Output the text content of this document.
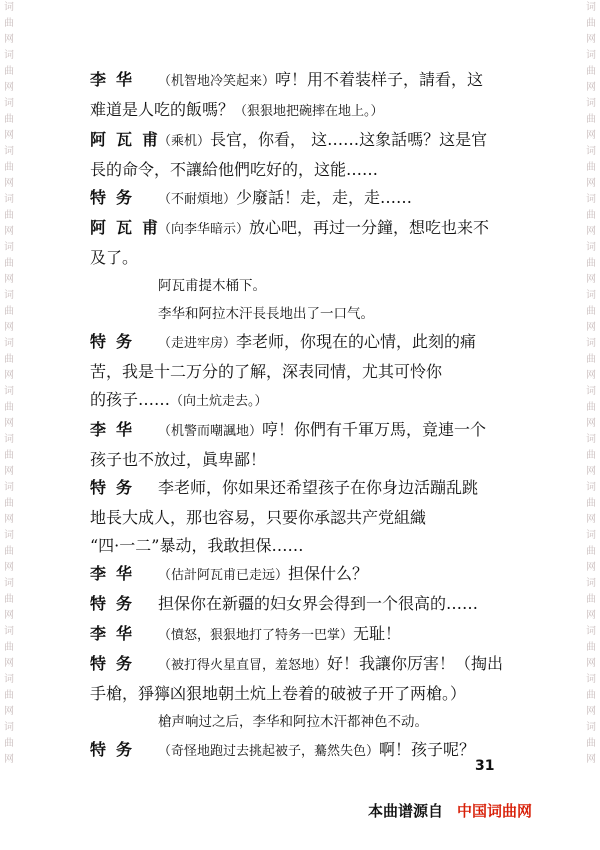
词曲网词曲网词曲网词曲网词曲网词曲网词曲网词曲网词曲网词曲网词曲网词曲网词曲网词曲网词曲网词曲网
词曲网词曲网词曲网词曲网词曲网词曲网词曲网词曲网词曲网词曲网词曲网词曲网词曲网词曲网词曲网词曲网
李华	（机智地冷笑起来）哼！用不着装样子，請看，这
难道是人吃的飯嗎？（狠狠地把碗摔在地上。）
阿瓦甫
（乘机）長官，你看， 这……这象話嗎？这是官
長的命令，不讓給他們吃好的，这能……
特务	（不耐煩地）少廢話！走，走，走……
阿瓦甫
（向李华暗示）放心吧，再过一分鐘，想吃也来不
及了。
阿瓦甫提木桶下。
李华和阿拉木汗長長地出了一口气。
特务	（走进牢房）李老师，你現在的心情，此刻的痛
苦，我是十二万分的了解，深表同情，尤其可怜你
的孩子……（向土炕走去。）
李华	（机警而嘲諷地）哼！你們有千軍万馬，竟連一个
孩子也不放过，眞卑鄙！
特务 李老师，你如果还希望孩子在你身边活蹦乱跳
地長大成人，那也容易，只要你承認共产党組織
“四·一二”暴动，我敢担保……
李华	（估計阿瓦甫已走远）担保什么？
特务 担保你在新疆的妇女界会得到一个很高的……
李华	（憤怒，狠狠地打了特务一巴掌）无耻！
特务	（被打得火星直冒，羞怒地）好！我讓你厉害！（掏出
手槍，猙獰凶狠地朝土炕上卷着的破被子开了两槍。）
槍声响过之后，李华和阿拉木汗都神色不动。
特务	（奇怪地跑过去挑起被子，驀然失色）啊！孩子呢？
31
本曲谱源自 中国词曲网
